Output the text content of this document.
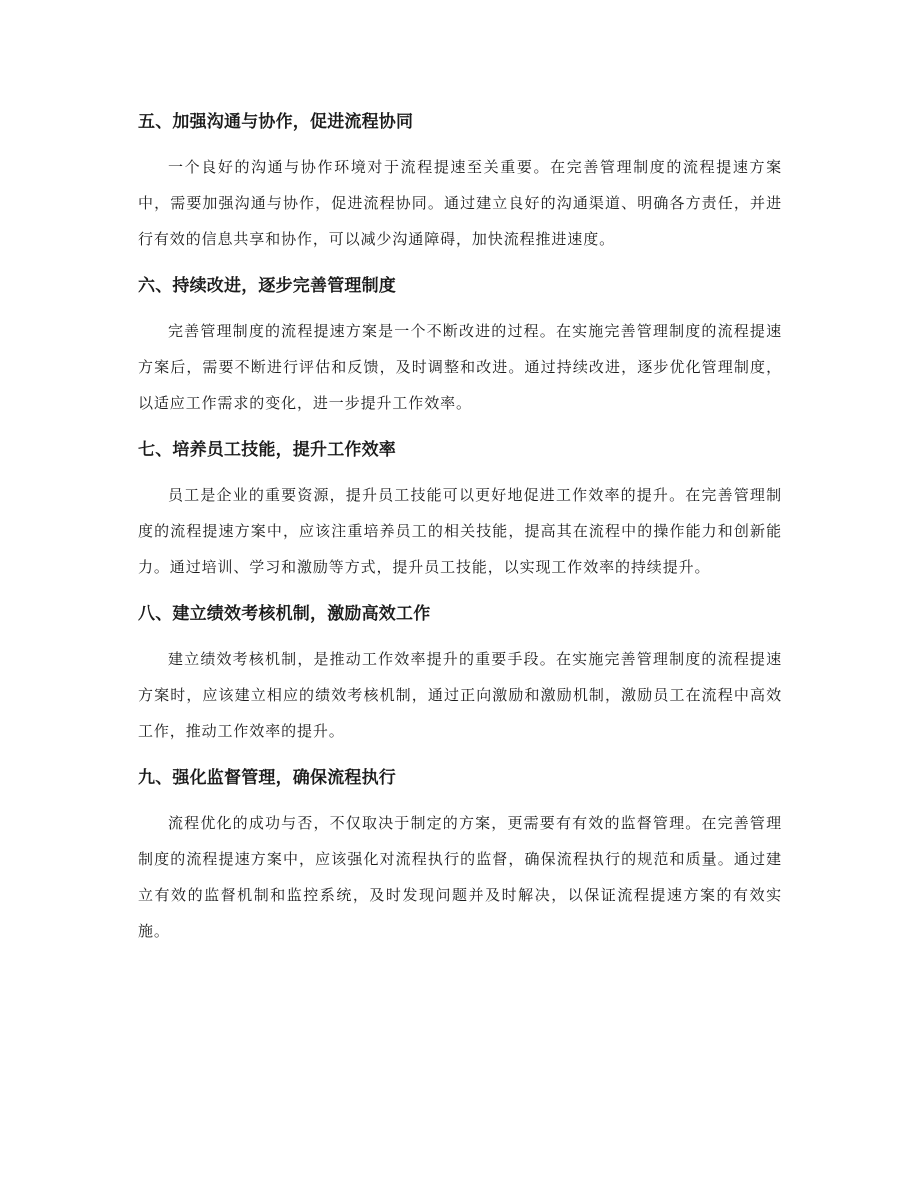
五、加强沟通与协作，促进流程协同

一个良好的沟通与协作环境对于流程提速至关重要。在完善管理制度的流程提速方案中，需要加强沟通与协作，促进流程协同。通过建立良好的沟通渠道、明确各方责任，并进行有效的信息共享和协作，可以减少沟通障碍，加快流程推进速度。

六、持续改进，逐步完善管理制度

完善管理制度的流程提速方案是一个不断改进的过程。在实施完善管理制度的流程提速方案后，需要不断进行评估和反馈，及时调整和改进。通过持续改进，逐步优化管理制度，以适应工作需求的变化，进一步提升工作效率。

七、培养员工技能，提升工作效率

员工是企业的重要资源，提升员工技能可以更好地促进工作效率的提升。在完善管理制度的流程提速方案中，应该注重培养员工的相关技能，提高其在流程中的操作能力和创新能力。通过培训、学习和激励等方式，提升员工技能，以实现工作效率的持续提升。

八、建立绩效考核机制，激励高效工作

建立绩效考核机制，是推动工作效率提升的重要手段。在实施完善管理制度的流程提速方案时，应该建立相应的绩效考核机制，通过正向激励和激励机制，激励员工在流程中高效工作，推动工作效率的提升。

九、强化监督管理，确保流程执行

流程优化的成功与否，不仅取决于制定的方案，更需要有有效的监督管理。在完善管理制度的流程提速方案中，应该强化对流程执行的监督，确保流程执行的规范和质量。通过建立有效的监督机制和监控系统，及时发现问题并及时解决，以保证流程提速方案的有效实施。
